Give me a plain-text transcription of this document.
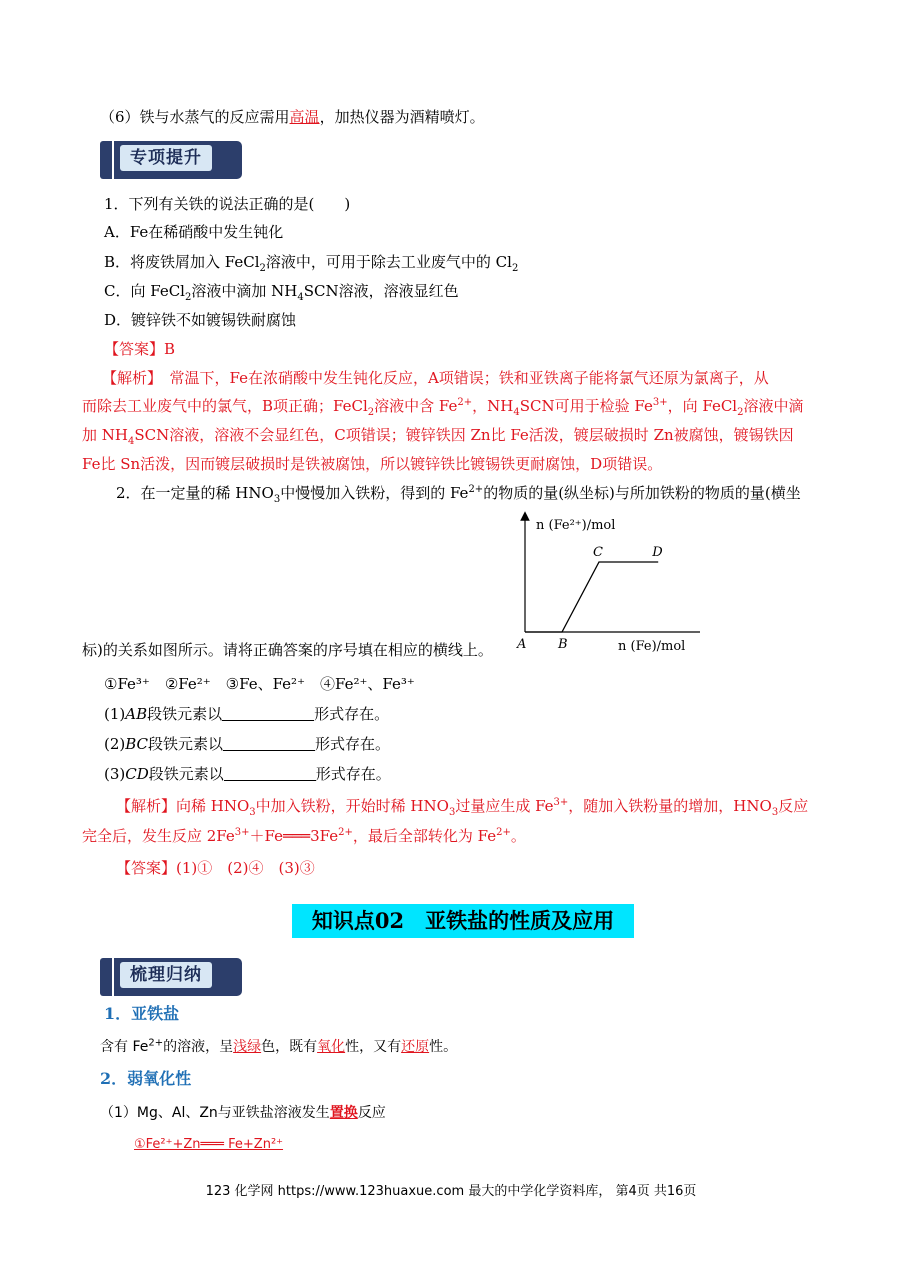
（6）铁与水蒸气的反应需用高温，加热仪器为酒精喷灯。
专项提升
1．下列有关铁的说法正确的是(　　)
A．Fe在稀硝酸中发生钝化
B．将废铁屑加入 FeCl$_2$溶液中，可用于除去工业废气中的 $Cl_2$
C．向 FeCl$_2$溶液中滴加 $NH_4SCN$溶液，溶液显红色
D．镀锌铁不如镀锡铁耐腐蚀
【答案】B
【解析】　常温下，Fe在浓硝酸中发生钝化反应，A项错误；铁和亚铁离子能将氯气还原为氯离子，从
而除去工业废气中的氯气，B项正确；FeCl$_2$溶液中含 $Fe^{2+}$，$NH_4SCN$可用于检验 $Fe^{3+}$，向 FeCl$_2$溶液中滴
加 $NH_4SCN$溶液，溶液不会显红色，C项错误；镀锌铁因 Zn比 Fe活泼，镀层破损时 Zn被腐蚀，镀锡铁因
Fe比 Sn活泼，因而镀层破损时是铁被腐蚀，所以镀锌铁比镀锡铁更耐腐蚀，D项错误。
2．在一定量的稀 $HNO_3$中慢慢加入铁粉，得到的 $Fe^{2+}$的物质的量(纵坐标)与所加铁粉的物质的量(横坐
A B
C	D
n (Fe²⁺)/mol
n (Fe)/mol
标)的关系如图所示。请将正确答案的序号填在相应的横线上。
①Fe³⁺　②Fe²⁺　③Fe、Fe²⁺　④Fe²⁺、Fe³⁺
(1)AB段铁元素以	形式存在。
(2)BC段铁元素以	形式存在。
(3)CD段铁元素以	形式存在。
【解析】向稀 $HNO_3$中加入铁粉，开始时稀 $HNO_3$过量应生成 $Fe^{3+}$，随加入铁粉量的增加，$HNO_3$反应
完全后，发生反应 $2Fe^{3+}+Fe═══3Fe^{2+}$，最后全部转化为 $Fe^{2+}$。
【答案】(1)①　(2)④　(3)③
知识点02　亚铁盐的性质及应用
梳理归纳
1．亚铁盐
含有 $Fe^{2+}$的溶液，呈浅绿色，既有氧化性，又有还原性。
2．弱氧化性
（1）Mg、Al、Zn与亚铁盐溶液发生置换反应
①Fe²⁺+Zn═══ Fe+Zn²⁺
123 化学网 https://www.123huaxue.com 最大的中学化学资料库， 第4页 共16页
